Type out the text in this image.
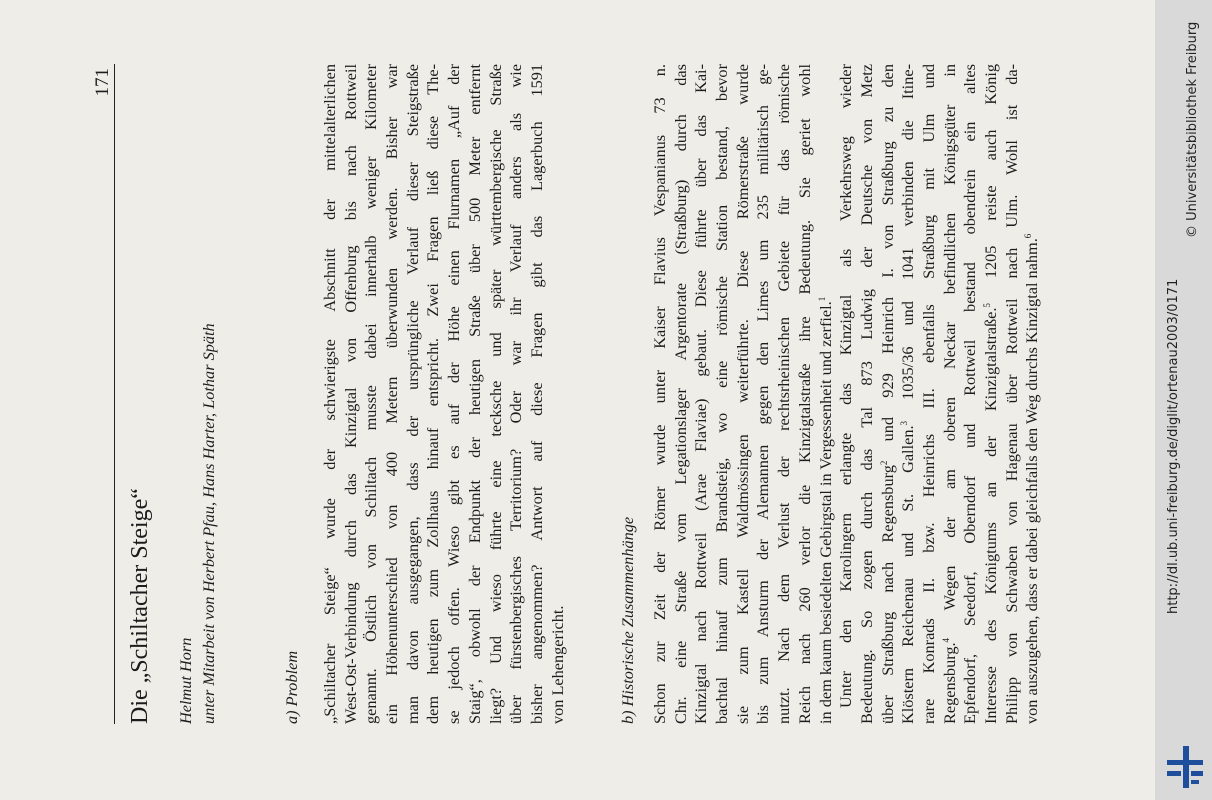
171
Die „Schiltacher Steige“ Helmut Horn unter Mitarbeit von Herbert Pfau, Hans Harter, Lothar Späth	a) Problem „Schiltacher Steige“ wurde der schwierigste Abschnitt der mittelalterlichen West-Ost-Verbindung durch das Kinzigtal von Offenburg bis nach Rottweil genannt. Östlich von Schiltach musste dabei innerhalb weniger Kilometer ein Höhenunterschied von 400 Metern überwunden werden. Bisher war man davon ausgegangen, dass der ursprüngliche Verlauf dieser Steigstraße dem heutigen zum Zollhaus hinauf entspricht. Zwei Fragen ließ diese The- se jedoch offen. Wieso gibt es auf der Höhe einen Flurnamen „Auf der Staig“, obwohl der Endpunkt der heutigen Straße über 500 Meter entfernt liegt? Und wieso führte eine tecksche und später württembergische Straße über fürstenbergisches Territorium? Oder war ihr Verlauf anders als wie bisher angenommen? Antwort auf diese Fragen gibt das Lagerbuch 1591 von Lehengericht.	b) Historische Zusammenhänge Schon zur Zeit der Römer wurde unter Kaiser Flavius Vespanianus 73 n. Chr. eine Straße vom Legationslager Argentorate (Straßburg) durch das Kinzigtal nach Rottweil (Arae Flaviae) gebaut. Diese führte über das Kai- bachtal hinauf zum Brandsteig, wo eine römische Station bestand, bevor sie zum Kastell Waldmössingen weiterführte. Diese Römerstraße wurde bis zum Ansturm der Alemannen gegen den Limes um 235 militärisch ge- nutzt. Nach dem Verlust der rechtsrheinischen Gebiete für das römische Reich nach 260 verlor die Kinzigtalstraße ihre Bedeutung. Sie geriet wohl in dem kaum besiedelten Gebirgstal in Vergessenheit und zerfiel.$^1$ Unter den Karolingern erlangte das Kinzigtal als Verkehrsweg wieder Bedeutung. So zogen durch das Tal 873 Ludwig der Deutsche von Metz über Straßburg nach Regensburg$^2$ und 929 Heinrich I. von Straßburg zu den
Klöstern Reichenau und St. Gallen.$^3$ 1035/36 und 1041 verbinden die Itine- rare Konrads II. bzw. Heinrichs III. ebenfalls Straßburg mit Ulm und Regensburg.$^4$ Wegen der am oberen Neckar befindlichen Königsgüter in Epfendorf, Seedorf, Oberndorf und Rottweil bestand obendrein ein altes Interesse des Königtums an der Kinzigtalstraße.$^5$ 1205 reiste auch König Philipp von Schwaben von Hagenau über Rottweil nach Ulm. Wohl ist da- von auszugehen, dass er dabei gleichfalls den Weg durchs Kinzigtal nahm.$^6$
http://dl.ub.uni-freiburg.de/diglit/ortenau2003/0171
© Universitätsbibliothek Freiburg
